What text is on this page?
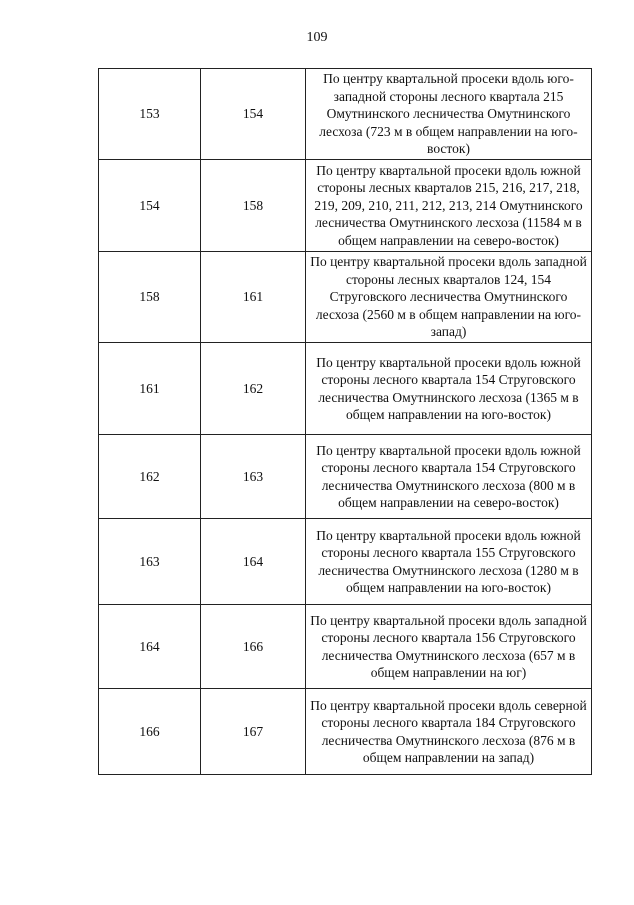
109
153	154	По центру квартальной просеки вдоль юго-западной стороны лесного квартала 215 Омутнинского лесничества Омутнинского лесхоза (723 м в общем направлении на юго-восток)
154	158	По центру квартальной просеки вдоль южной стороны лесных кварталов 215, 216, 217, 218, 219, 209, 210, 211, 212, 213, 214 Омутнинского лесничества Омутнинского лесхоза (11584 м в общем направлении на северо-восток)
158	161	По центру квартальной просеки вдоль западной стороны лесных кварталов 124, 154 Струговского лесничества Омутнинского лесхоза (2560 м в общем направлении на юго-запад)
161	162	По центру квартальной просеки вдоль южной стороны лесного квартала 154 Струговского лесничества Омутнинского лесхоза (1365 м в общем направлении на юго-восток)
162	163	По центру квартальной просеки вдоль южной стороны лесного квартала 154 Струговского лесничества Омутнинского лесхоза (800 м в общем направлении на северо-восток)
163	164	По центру квартальной просеки вдоль южной стороны лесного квартала 155 Струговского лесничества Омутнинского лесхоза (1280 м в общем направлении на юго-восток)
164	166	По центру квартальной просеки вдоль западной стороны лесного квартала 156 Струговского лесничества Омутнинского лесхоза (657 м в общем направлении на юг)
166	167	По центру квартальной просеки вдоль северной стороны лесного квартала 184 Струговского лесничества Омутнинского лесхоза (876 м в общем направлении на запад)
